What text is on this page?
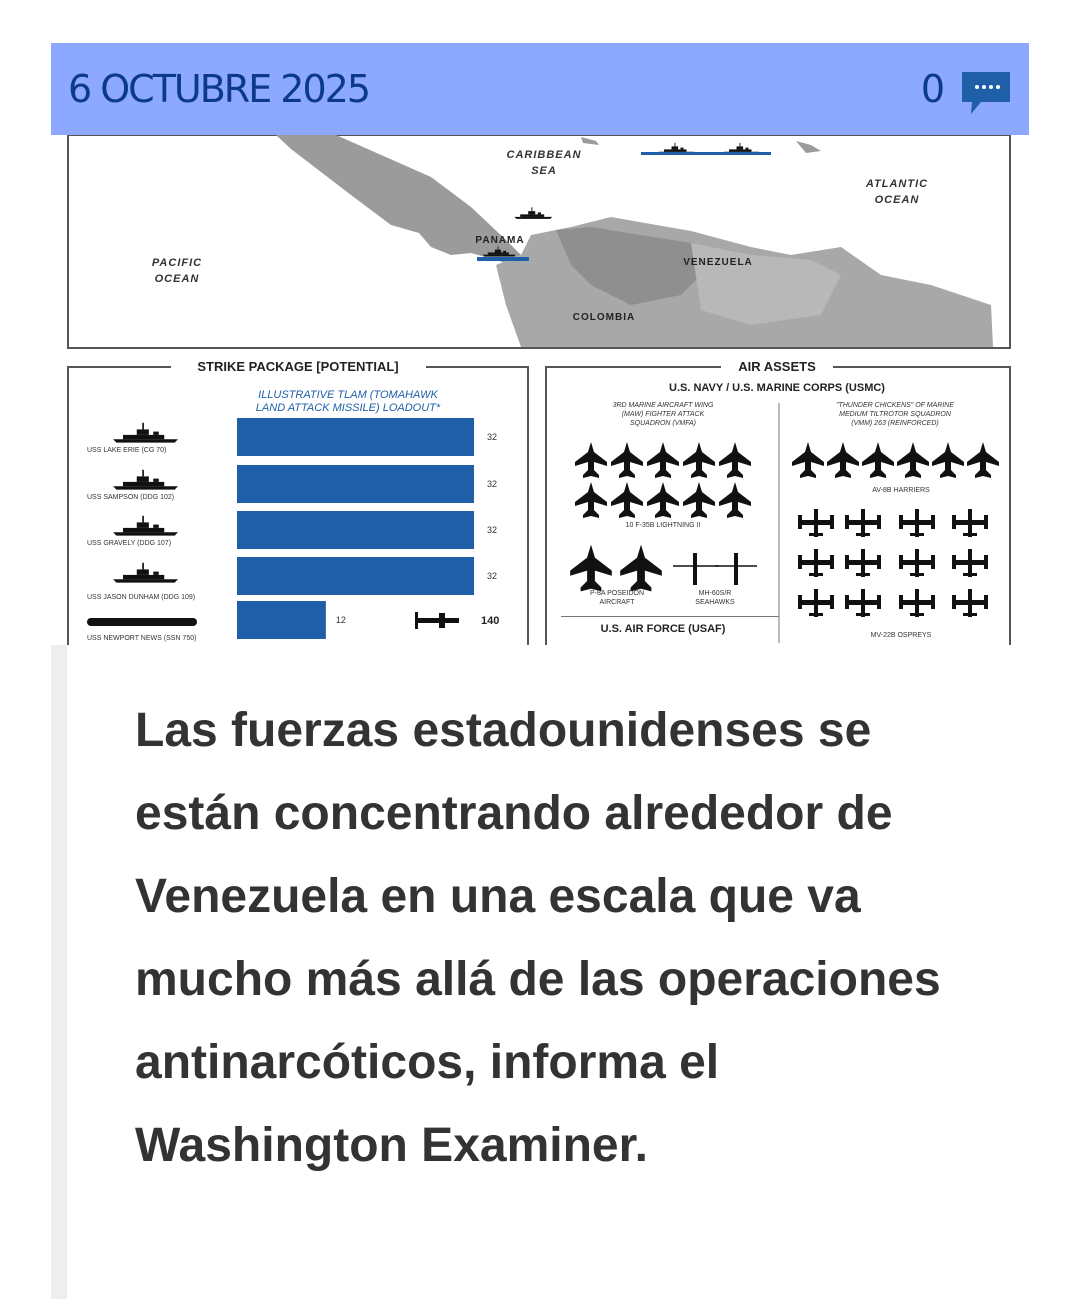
6 OCTUBRE 2025	0
CARIBBEAN
SEA
ATLANTIC
OCEAN
PACIFIC
OCEAN
PANAMA
VENEZUELA
COLOMBIA
STRIKE PACKAGE [POTENTIAL]
ILLUSTRATIVE TLAM (TOMAHAWK
LAND ATTACK MISSILE) LOADOUT*
USS LAKE ERIE (CG 70)
USS SAMPSON (DDG 102)
USS GRAVELY (DDG 107)
USS JASON DUNHAM (DDG 109)
USS NEWPORT NEWS (SSN 750)
32
32
32
32
12	140
AIR ASSETS
U.S. NAVY / U.S. MARINE CORPS (USMC)
3RD MARINE AIRCRAFT WING
(MAW) FIGHTER ATTACK
SQUADRON (VMFA)
"THUNDER CHICKENS" OF MARINE
MEDIUM TILTROTOR SQUADRON
(VMM) 263 (REINFORCED)
10 F-35B LIGHTNING II
AV-8B HARRIERS
P-8A POSEIDON
AIRCRAFT
MH-60S/R
SEAHAWKS
MV-22B OSPREYS
U.S. AIR FORCE (USAF)
Las fuerzas estadounidenses se están concentrando alrededor de Venezuela en una escala que va mucho más allá de las operaciones antinarcóticos, informa el Washington Examiner.
